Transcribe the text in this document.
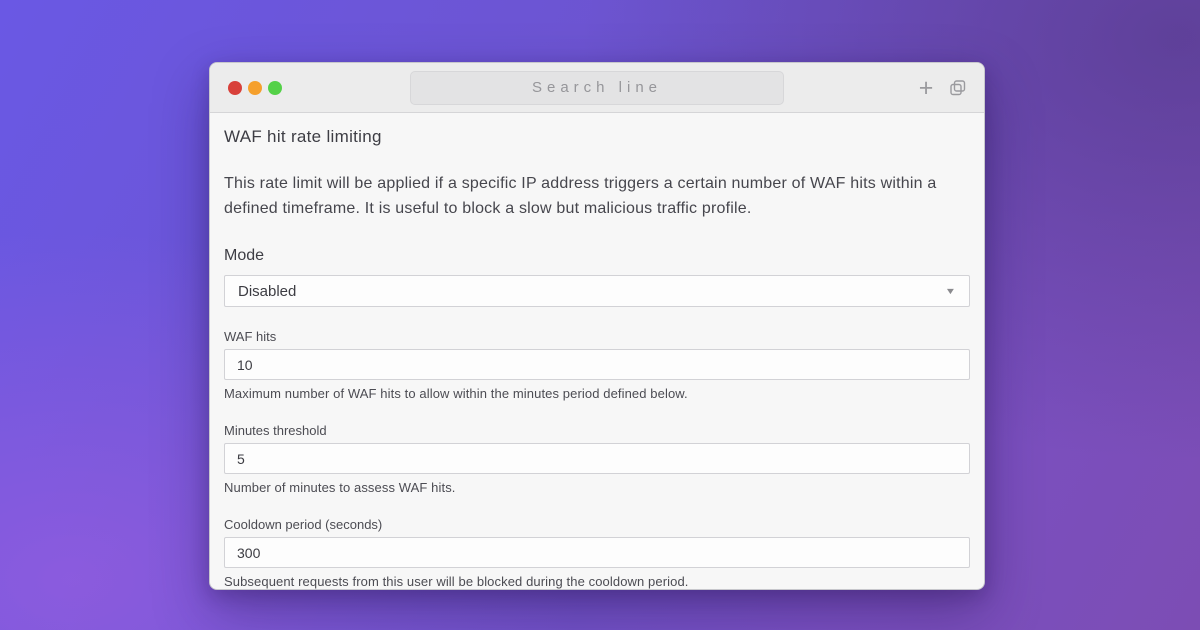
Search line
+
WAF hit rate limiting

This rate limit will be applied if a specific IP address triggers a certain number of WAF hits within a defined timeframe. It is useful to block a slow but malicious traffic profile.

Mode
Disabled	▼
WAF hits
10
Maximum number of WAF hits to allow within the minutes period defined below.
Minutes threshold
5
Number of minutes to assess WAF hits.
Cooldown period (seconds)
300
Subsequent requests from this user will be blocked during the cooldown period.
